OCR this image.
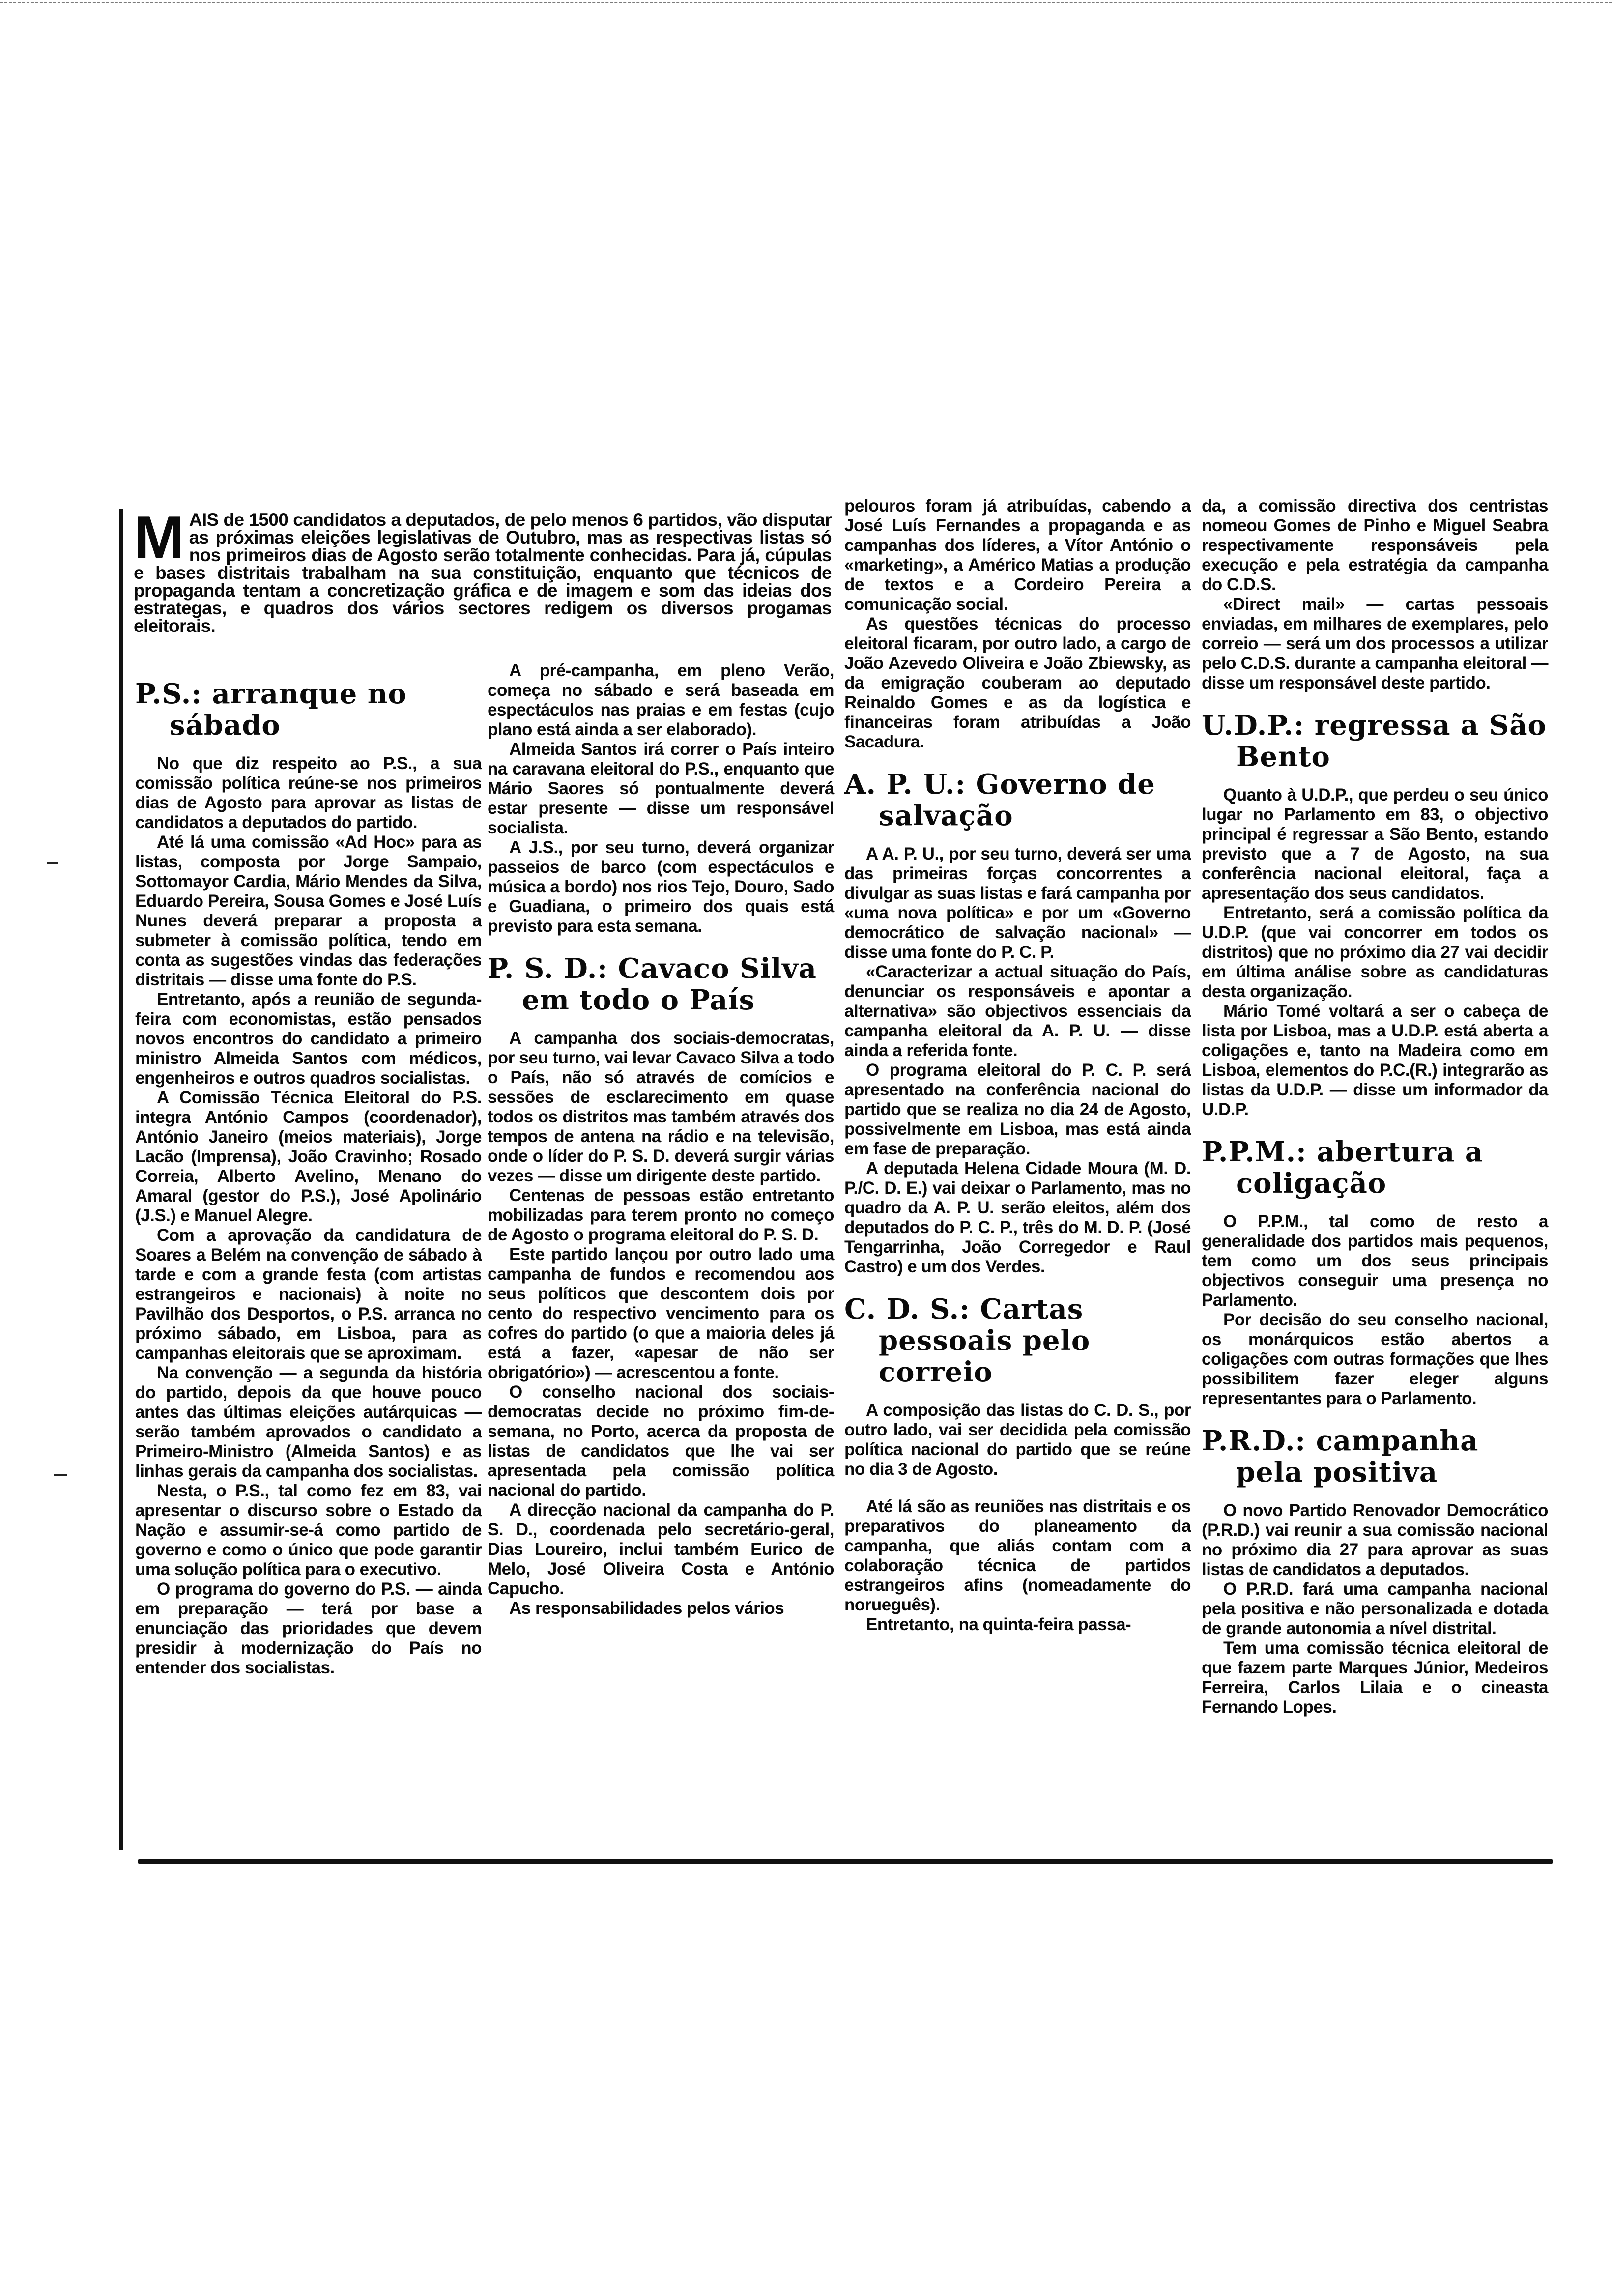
M AIS de 1500 candidatos a deputados, de pelo menos 6 partidos, vão disputar as próximas eleições legislativas de Outubro, mas as respectivas listas só nos primeiros dias de Agosto serão totalmente conhecidas. Para já, cúpulas e bases distritais trabalham na sua constituição, enquanto que técnicos de propaganda tentam a concretização gráfica e de imagem e som das ideias dos estrategas, e quadros dos vários sectores redigem os diversos progamas eleitorais.
P.S.: arranque no sábado

No que diz respeito ao P.S., a sua comissão política reúne-se nos primeiros dias de Agosto para aprovar as listas de candidatos a deputados do partido.

Até lá uma comissão «Ad Hoc» para as listas, composta por Jorge Sampaio, Sottomayor Cardia, Mário Mendes da Silva, Eduardo Pereira, Sousa Gomes e José Luís Nunes deverá preparar a proposta a submeter à comissão política, tendo em conta as sugestões vindas das federações distritais — disse uma fonte do P.S.

Entretanto, após a reunião de segunda-feira com economistas, estão pensados novos encontros do candidato a primeiro ministro Almeida Santos com médicos, engenheiros e outros quadros socialistas.

A Comissão Técnica Eleitoral do P.S. integra António Campos (coordenador), António Janeiro (meios materiais), Jorge Lacão (Imprensa), João Cravinho; Rosado Correia, Alberto Avelino, Menano do Amaral (gestor do P.S.), José Apolinário (J.S.) e Manuel Alegre.

Com a aprovação da candidatura de Soares a Belém na convenção de sábado à tarde e com a grande festa (com artistas estrangeiros e nacionais) à noite no Pavilhão dos Desportos, o P.S. arranca no próximo sábado, em Lisboa, para as campanhas eleitorais que se aproximam.

Na convenção — a segunda da história do partido, depois da que houve pouco antes das últimas eleições autárquicas — serão também aprovados o candidato a Primeiro-Ministro (Almeida Santos) e as linhas gerais da campanha dos socialistas.

Nesta, o P.S., tal como fez em 83, vai apresentar o discurso sobre o Estado da Nação e assumir-se-á como partido de governo e como o único que pode garantir uma solução política para o executivo.

O programa do governo do P.S. — ainda em preparação — terá por base a enunciação das prioridades que devem presidir à modernização do País no entender dos socialistas.

A pré-campanha, em pleno Verão, começa no sábado e será baseada em espectáculos nas praias e em festas (cujo plano está ainda a ser elaborado).

Almeida Santos irá correr o País inteiro na caravana eleitoral do P.S., enquanto que Mário Saores só pontualmente deverá estar presente — disse um responsável socialista.

A J.S., por seu turno, deverá organizar passeios de barco (com espectáculos e música a bordo) nos rios Tejo, Douro, Sado e Guadiana, o primeiro dos quais está previsto para esta semana.

P. S. D.: Cavaco Silva em todo o País

A campanha dos sociais-democratas, por seu turno, vai levar Cavaco Silva a todo o País, não só através de comícios e sessões de esclarecimento em quase todos os distritos mas também através dos tempos de antena na rádio e na televisão, onde o líder do P. S. D. deverá surgir várias vezes — disse um dirigente deste partido.

Centenas de pessoas estão entretanto mobilizadas para terem pronto no começo de Agosto o programa eleitoral do P. S. D.

Este partido lançou por outro lado uma campanha de fundos e recomendou aos seus políticos que descontem dois por cento do respectivo vencimento para os cofres do partido (o que a maioria deles já está a fazer, «apesar de não ser obrigatório») — acrescentou a fonte.

O conselho nacional dos sociais-democratas decide no próximo fim-de-semana, no Porto, acerca da proposta de listas de candidatos que lhe vai ser apresentada pela comissão política nacional do partido.

A direcção nacional da campanha do P. S. D., coordenada pelo secretário-geral, Dias Loureiro, inclui também Eurico de Melo, José Oliveira Costa e António Capucho.

As responsabilidades pelos vários

pelouros foram já atribuídas, cabendo a José Luís Fernandes a propaganda e as campanhas dos líderes, a Vítor António o «marketing», a Américo Matias a produção de textos e a Cordeiro Pereira a comunicação social.

As questões técnicas do processo eleitoral ficaram, por outro lado, a cargo de João Azevedo Oliveira e João Zbiewsky, as da emigração couberam ao deputado Reinaldo Gomes e as da logística e financeiras foram atribuídas a João Sacadura.

A. P. U.: Governo de salvação

A A. P. U., por seu turno, deverá ser uma das primeiras forças concorrentes a divulgar as suas listas e fará campanha por «uma nova política» e por um «Governo democrático de salvação nacional» — disse uma fonte do P. C. P.

«Caracterizar a actual situação do País, denunciar os responsáveis e apontar a alternativa» são objectivos essenciais da campanha eleitoral da A. P. U. — disse ainda a referida fonte.

O programa eleitoral do P. C. P. será apresentado na conferência nacional do partido que se realiza no dia 24 de Agosto, possivelmente em Lisboa, mas está ainda em fase de preparação.

A deputada Helena Cidade Moura (M. D. P./C. D. E.) vai deixar o Parlamento, mas no quadro da A. P. U. serão eleitos, além dos deputados do P. C. P., três do M. D. P. (José Tengarrinha, João Corregedor e Raul Castro) e um dos Verdes.

C. D. S.: Cartas pessoais pelo correio

A composição das listas do C. D. S., por outro lado, vai ser decidida pela comissão política nacional do partido que se reúne no dia 3 de Agosto.

Até lá são as reuniões nas distritais e os preparativos do planeamento da campanha, que aliás contam com a colaboração técnica de partidos estrangeiros afins (nomeadamente do norueguês).

Entretanto, na quinta-feira passa-

da, a comissão directiva dos centristas nomeou Gomes de Pinho e Miguel Seabra respectivamente responsáveis pela execução e pela estratégia da campanha do C.D.S.

«Direct mail» — cartas pessoais enviadas, em milhares de exemplares, pelo correio — será um dos processos a utilizar pelo C.D.S. durante a campanha eleitoral — disse um responsável deste partido.

U.D.P.: regressa a São Bento

Quanto à U.D.P., que perdeu o seu único lugar no Parlamento em 83, o objectivo principal é regressar a São Bento, estando previsto que a 7 de Agosto, na sua conferência nacional eleitoral, faça a apresentação dos seus candidatos.

Entretanto, será a comissão política da U.D.P. (que vai concorrer em todos os distritos) que no próximo dia 27 vai decidir em última análise sobre as candidaturas desta organização.

Mário Tomé voltará a ser o cabeça de lista por Lisboa, mas a U.D.P. está aberta a coligações e, tanto na Madeira como em Lisboa, elementos do P.C.(R.) integrarão as listas da U.D.P. — disse um informador da U.D.P.

P.P.M.: abertura a coligação

O P.P.M., tal como de resto a generalidade dos partidos mais pequenos, tem como um dos seus principais objectivos conseguir uma presença no Parlamento.

Por decisão do seu conselho nacional, os monárquicos estão abertos a coligações com outras formações que lhes possibilitem fazer eleger alguns representantes para o Parlamento.

P.R.D.: campanha pela positiva

O novo Partido Renovador Democrático (P.R.D.) vai reunir a sua comissão nacional no próximo dia 27 para aprovar as suas listas de candidatos a deputados.

O P.R.D. fará uma campanha nacional pela positiva e não personalizada e dotada de grande autonomia a nível distrital.

Tem uma comissão técnica eleitoral de que fazem parte Marques Júnior, Medeiros Ferreira, Carlos Lilaia e o cineasta Fernando Lopes.
